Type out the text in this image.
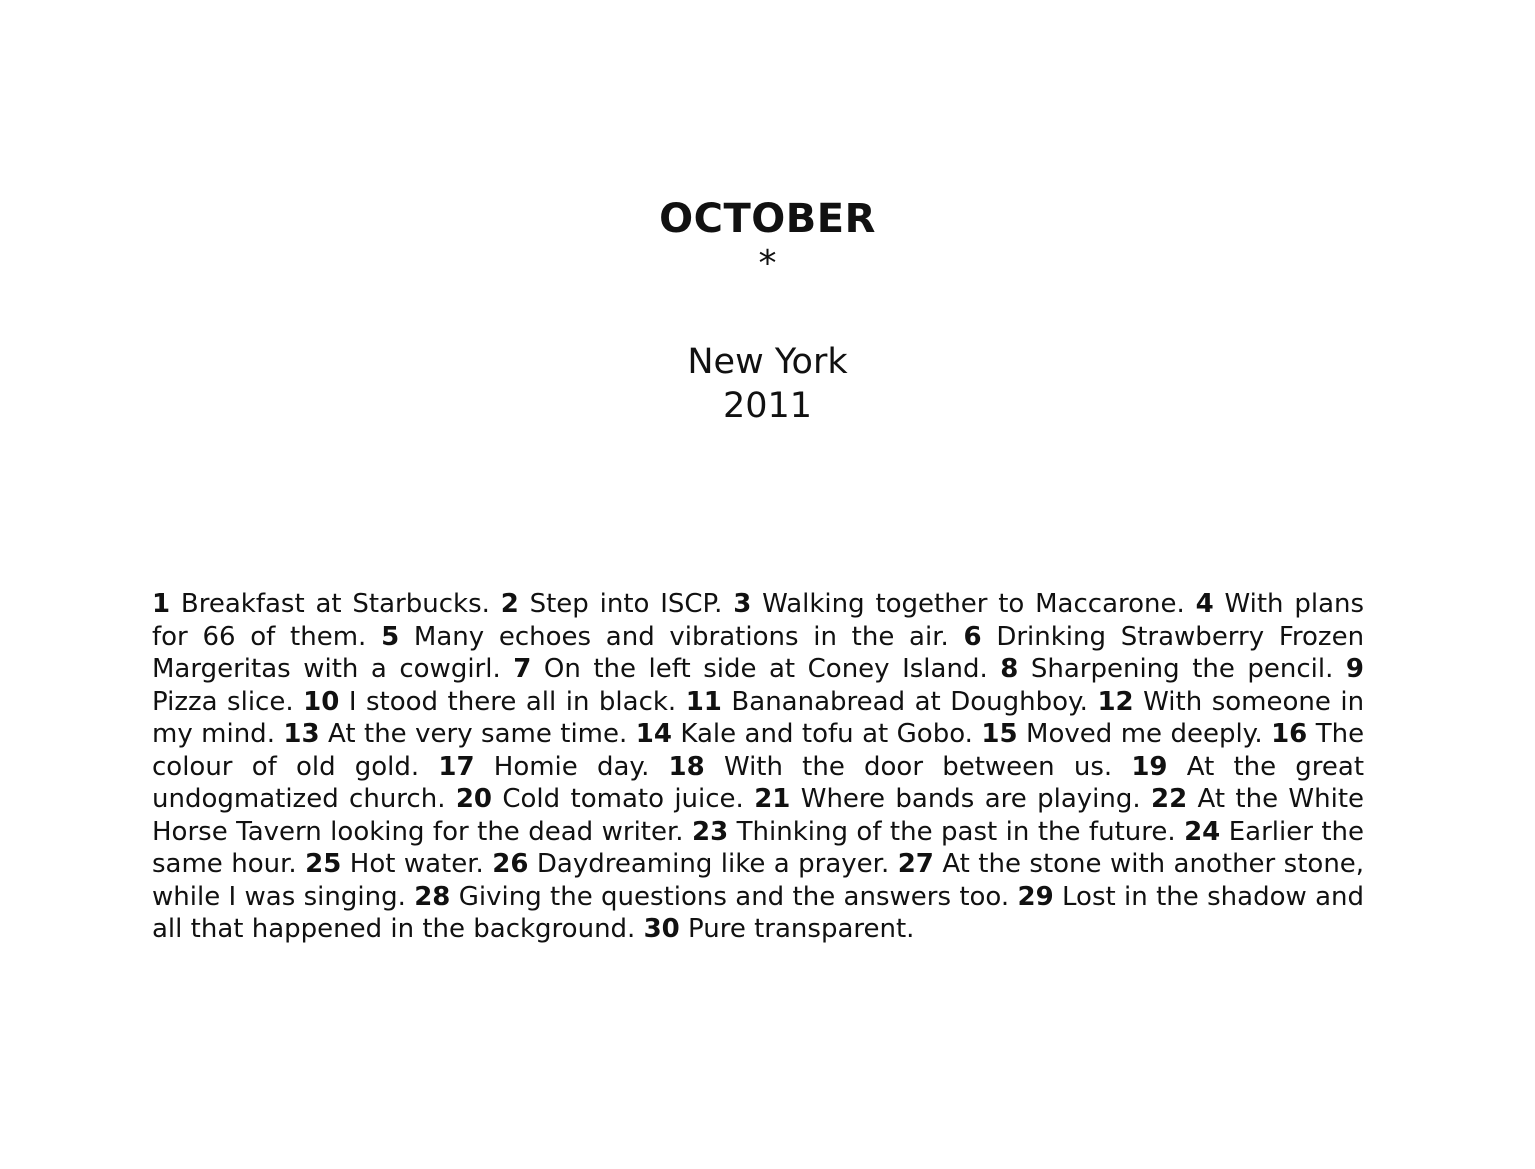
OCTOBER
*
New York
2011

1 Breakfast at Starbucks. 2 Step into ISCP. 3 Walking together to Maccarone. 4 With plans for 66 of them. 5 Many echoes and vibrations in the air. 6 Drinking Strawberry Frozen Margeritas with a cowgirl. 7 On the left side at Coney Island. 8 Sharpening the pencil. 9 Pizza slice. 10 I stood there all in black. 11 Bananabread at Doughboy. 12 With someone in my mind. 13 At the very same time. 14 Kale and tofu at Gobo. 15 Moved me deeply. 16 The colour of old gold. 17 Homie day. 18 With the door between us. 19 At the great undogmatized church. 20 Cold tomato juice. 21 Where bands are playing. 22 At the White Horse Tavern looking for the dead writer. 23 Thinking of the past in the future. 24 Earlier the same hour. 25 Hot water. 26 Daydreaming like a prayer. 27 At the stone with another stone, while I was singing. 28 Giving the questions and the answers too. 29 Lost in the shadow and all that happened in the background. 30 Pure transparent.
